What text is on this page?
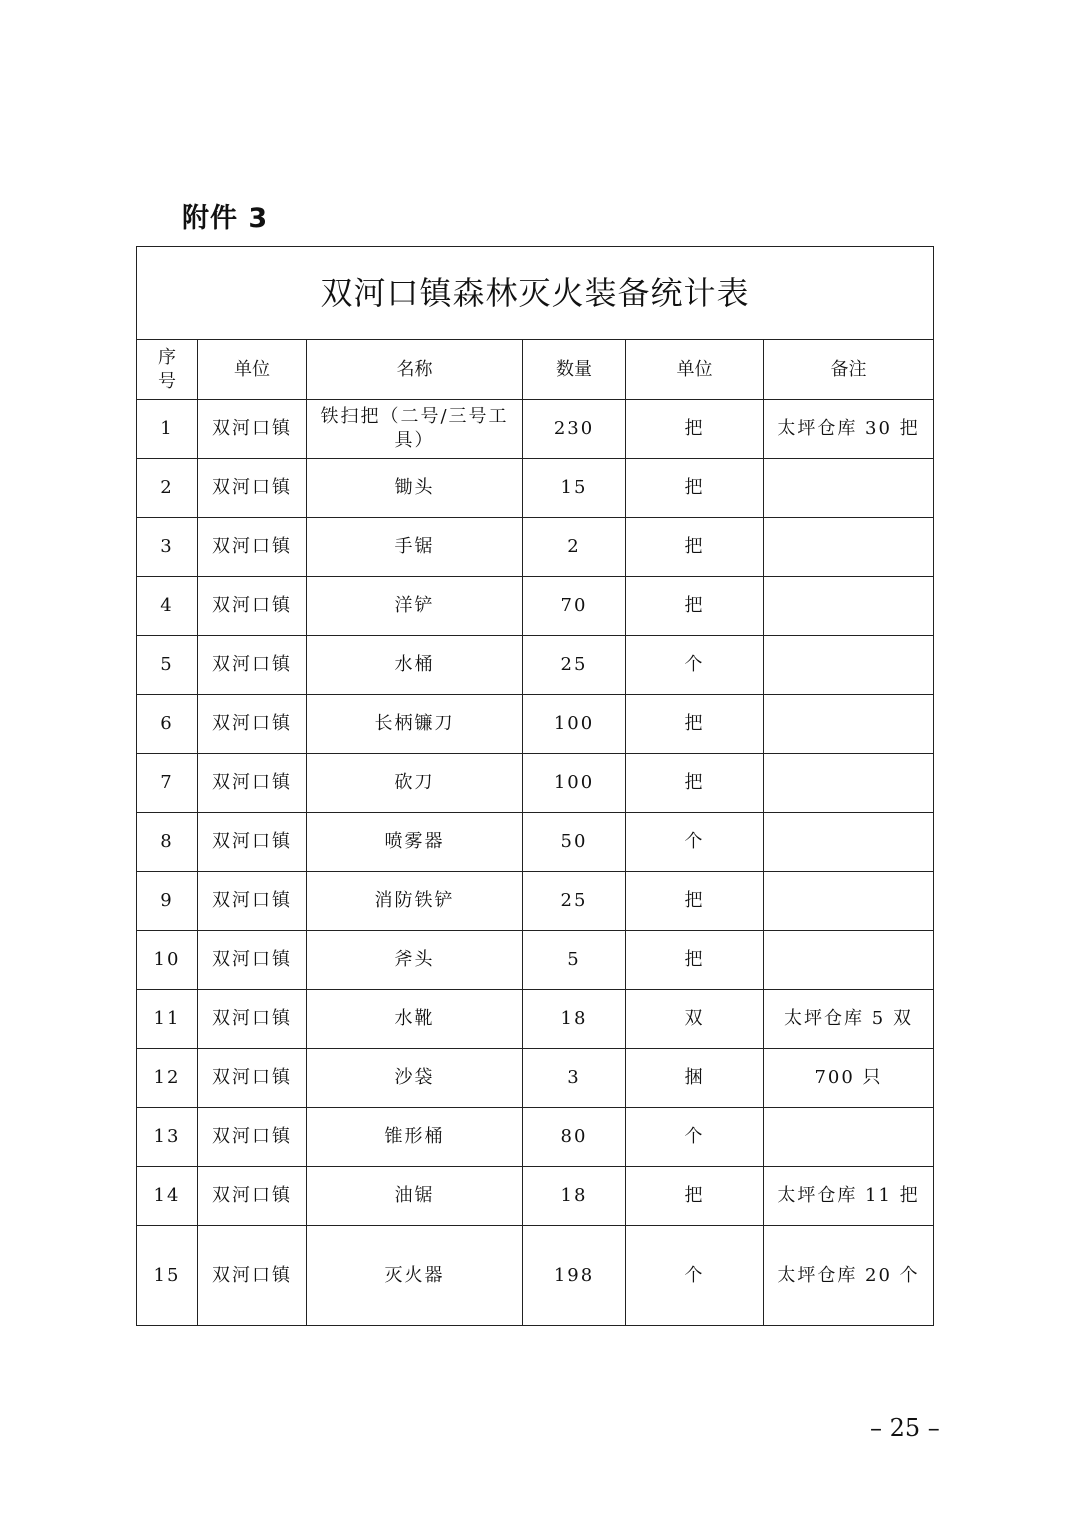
附件 3
双河口镇森林灭火装备统计表					
序
号	单位	名称	数量	单位	备注
1	双河口镇	铁扫把（二号/三号工具）	230	把	太坪仓库 30 把
2	双河口镇	锄头	15	把	
3	双河口镇	手锯	2	把	
4	双河口镇	洋铲	70	把	
5	双河口镇	水桶	25	个	
6	双河口镇	长柄镰刀	100	把	
7	双河口镇	砍刀	100	把	
8	双河口镇	喷雾器	50	个	
9	双河口镇	消防铁铲	25	把	
10	双河口镇	斧头	5	把	
11	双河口镇	水靴	18	双	太坪仓库 5 双
12	双河口镇	沙袋	3	捆	700 只
13	双河口镇	锥形桶	80	个	
14	双河口镇	油锯	18	把	太坪仓库 11 把
15	双河口镇	灭火器	198	个	太坪仓库 20 个
– 25 –
